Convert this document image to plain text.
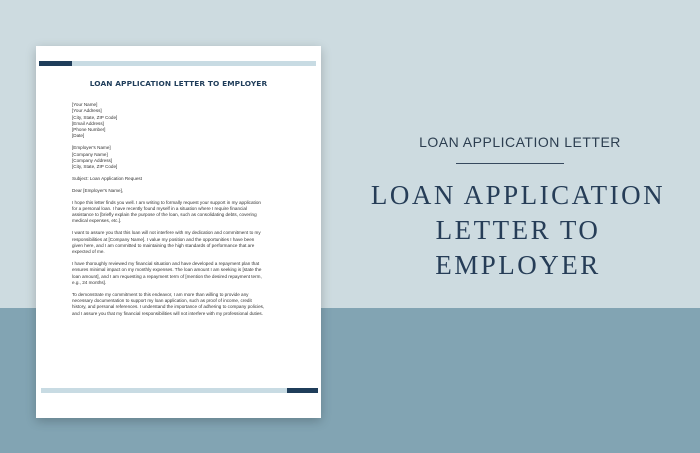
LOAN APPLICATION LETTER TO EMPLOYER
[Your Name]
[Your Address]
[City, State, ZIP Code]
[Email Address]
[Phone Number]
[Date]
[Employer's Name]
[Company Name]
[Company Address]
[City, State, ZIP Code]
Subject: Loan Application Request
Dear [Employer's Name],
I hope this letter finds you well. I am writing to formally request your support in my application
for a personal loan. I have recently found myself in a situation where I require financial
assistance to [briefly explain the purpose of the loan, such as consolidating debts, covering
medical expenses, etc.].
I want to assure you that this loan will not interfere with my dedication and commitment to my
responsibilities at [Company Name]. I value my position and the opportunities I have been
given here, and I am committed to maintaining the high standards of performance that are
expected of me.
I have thoroughly reviewed my financial situation and have developed a repayment plan that
ensures minimal impact on my monthly expenses. The loan amount I am seeking is [state the
loan amount], and I am requesting a repayment term of [mention the desired repayment term,
e.g., 24 months].
To demonstrate my commitment to this endeavor, I am more than willing to provide any
necessary documentation to support my loan application, such as proof of income, credit
history, and personal references. I understand the importance of adhering to company policies,
and I assure you that my financial responsibilities will not interfere with my professional duties.
LOAN APPLICATION LETTER
LOAN APPLICATION
LETTER TO EMPLOYER
